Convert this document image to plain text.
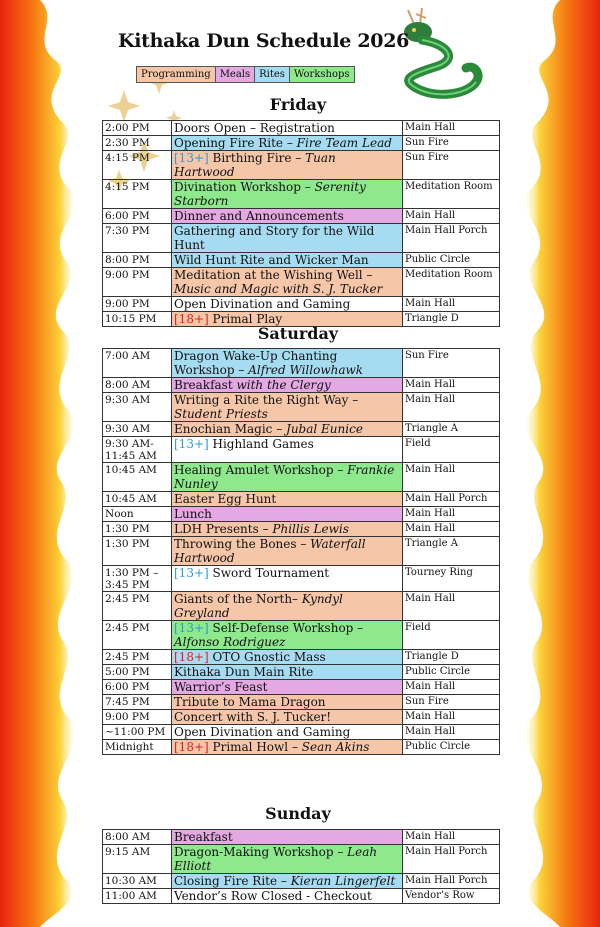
Kithaka Dun Schedule 2026
Programming Meals Rites Workshops
Friday
2:00 PM	Doors Open – Registration	Main Hall
2:30 PM	Opening Fire Rite – Fire Team Lead	Sun Fire
4:15 PM	[13+] Birthing Fire – Tuan Hartwood	Sun Fire
4:15 PM	Divination Workshop – Serenity Starborn	Meditation Room
6:00 PM	Dinner and Announcements	Main Hall
7:30 PM	Gathering and Story for the Wild Hunt	Main Hall Porch
8:00 PM	Wild Hunt Rite and Wicker Man	Public Circle
9:00 PM	Meditation at the Wishing Well – Music and Magic with S. J. Tucker	Meditation Room
9:00 PM	Open Divination and Gaming	Main Hall
10:15 PM	[18+] Primal Play	Triangle D
Saturday
7:00 AM	Dragon Wake-Up Chanting Workshop – Alfred Willowhawk	Sun Fire
8:00 AM	Breakfast with the Clergy	Main Hall
9:30 AM	Writing a Rite the Right Way – Student Priests	Main Hall
9:30 AM	Enochian Magic – Jubal Eunice	Triangle A
9:30 AM-11:45 AM	[13+] Highland Games	Field
10:45 AM	Healing Amulet Workshop – Frankie Nunley	Main Hall
10:45 AM	Easter Egg Hunt	Main Hall Porch
Noon	Lunch	Main Hall
1:30 PM	LDH Presents – Phillis Lewis	Main Hall
1:30 PM	Throwing the Bones – Waterfall Hartwood	Triangle A
1:30 PM – 3:45 PM	[13+] Sword Tournament	Tourney Ring
2:45 PM	Giants of the North– Kyndyl Greyland	Main Hall
2:45 PM	[13+] Self-Defense Workshop – Alfonso Rodriguez	Field
2:45 PM	[18+] OTO Gnostic Mass	Triangle D
5:00 PM	Kithaka Dun Main Rite	Public Circle
6:00 PM	Warrior’s Feast	Main Hall
7:45 PM	Tribute to Mama Dragon	Sun Fire
9:00 PM	Concert with S. J. Tucker!	Main Hall
~11:00 PM	Open Divination and Gaming	Main Hall
Midnight	[18+] Primal Howl – Sean Akins	Public Circle
Sunday
8:00 AM	Breakfast	Main Hall
9:15 AM	Dragon-Making Workshop – Leah Elliott	Main Hall Porch
10:30 AM	Closing Fire Rite – Kieran Lingerfelt	Main Hall Porch
11:00 AM	Vendor’s Row Closed - Checkout	Vendor’s Row
